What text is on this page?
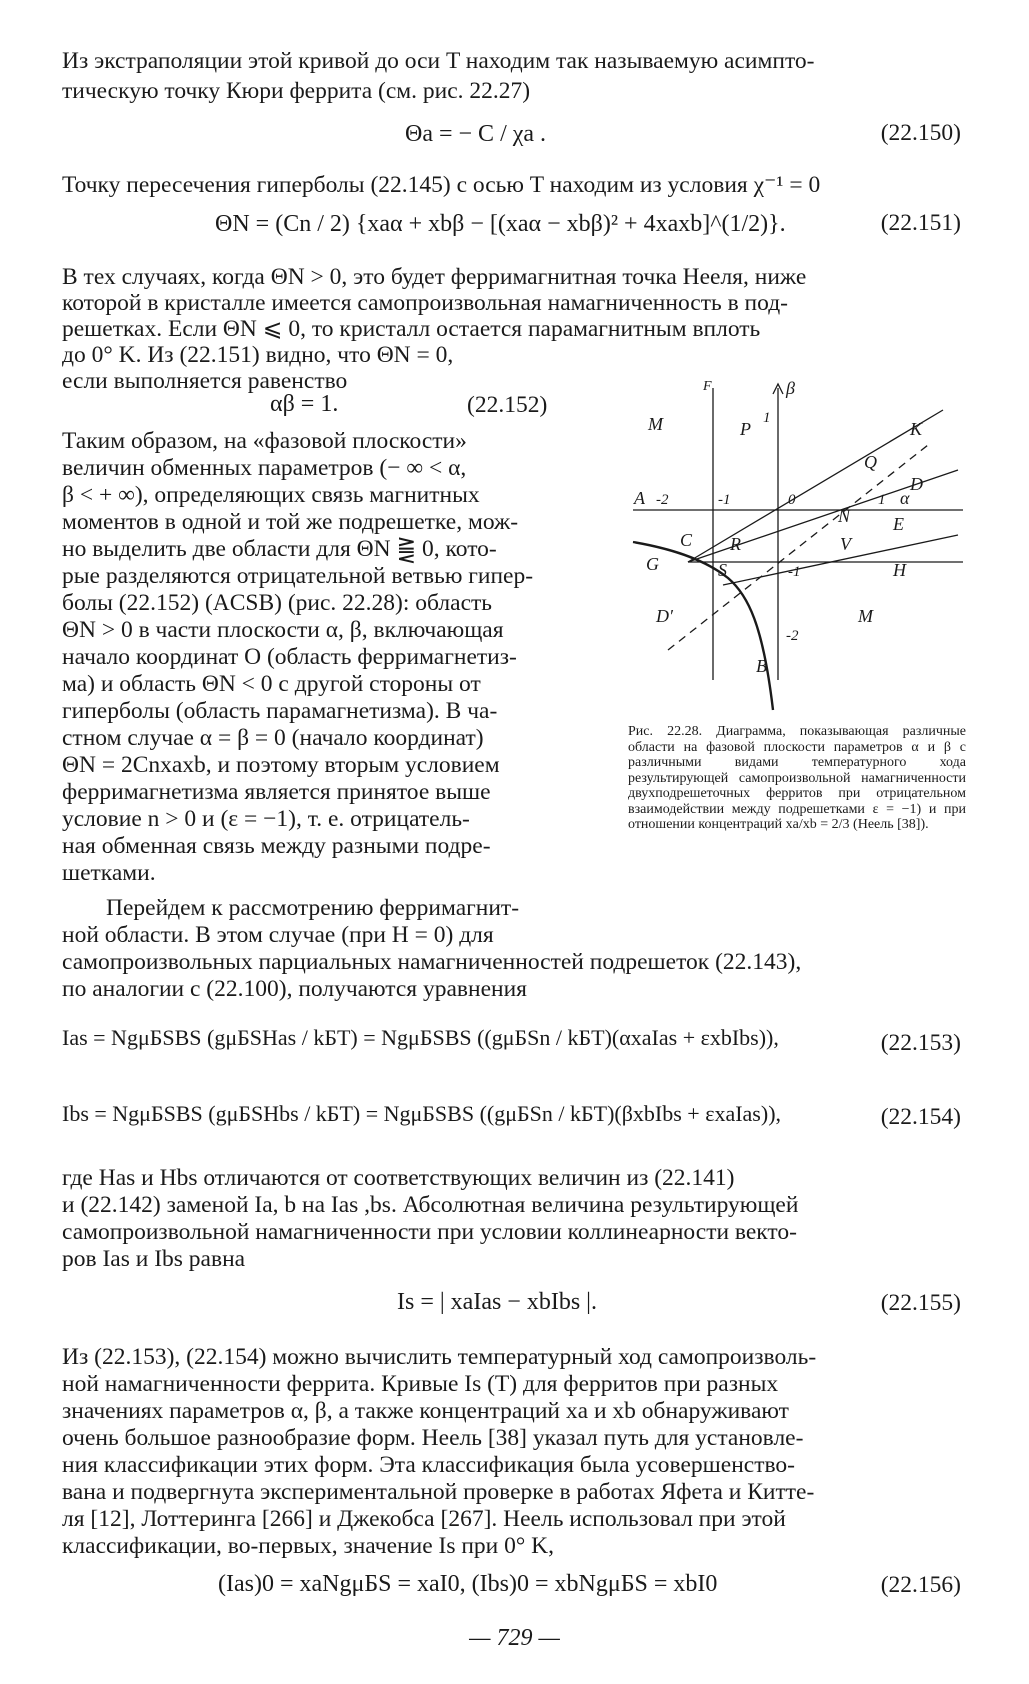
Из экстраполяции этой кривой до оси T находим так называемую асимпто-
тическую точку Кюри феррита (см. рис. 22.27)
Θa = − C / χa .	(22.150)
Точку пересечения гиперболы (22.145) с осью T находим из условия χ⁻¹ = 0
ΘN = (Cn / 2) {xaα + xbβ − [(xaα − xbβ)² + 4xaxb]^(1/2)}.	(22.151)
В тех случаях, когда ΘN > 0, это будет ферримагнитная точка Нееля, ниже
которой в кристалле имеется самопроизвольная намагниченность в под-
решетках. Если ΘN ⩽ 0, то кристалл остается парамагнитным вплоть
до 0° K. Из (22.151) видно, что ΘN = 0,
если выполняется равенство
αβ = 1.	(22.152)
Таким образом, на «фазовой плоскости»
величин обменных параметров (− ∞ < α,
β < + ∞), определяющих связь магнитных
моментов в одной и той же подрешетке, мож-
но выделить две области для ΘN ⪌ 0, кото-
рые разделяются отрицательной ветвью гипер-
болы (22.152) (ACSB) (рис. 22.28): область
ΘN > 0 в части плоскости α, β, включающая
начало координат O (область ферримагнетиз-
ма) и область ΘN < 0 с другой стороны от
гиперболы (область парамагнетизма). В ча-
стном случае α = β = 0 (начало координат)
ΘN = 2Cnxaxb, и поэтому вторым условием
ферримагнетизма является принятое выше
условие n > 0 и (ε = −1), т. е. отрицатель-
ная обменная связь между разными подре-
шетками.
Перейдем к рассмотрению ферримагнит-
ной области. В этом случае (при H = 0) для
самопроизвольных парциальных намагниченностей подрешеток (22.143),
по аналогии с (22.100), получаются уравнения
Ias = NgμБSBS (gμБSHas / kБT) = NgμБSBS ((gμБSn / kБT)(αxaIas + εxbIbs)),	(22.153)
Ibs = NgμБSBS (gμБSHbs / kБT) = NgμБSBS ((gμБSn / kБT)(βxbIbs + εxaIas)),	(22.154)
где Has и Hbs отличаются от соответствующих величин из (22.141)
и (22.142) заменой Ia, b на Ias ,bs. Абсолютная величина результирующей
самопроизвольной намагниченности при условии коллинеарности векто-
ров Ias и Ibs равна
Is = | xaIas − xbIbs |.	(22.155)
Из (22.153), (22.154) можно вычислить температурный ход самопроизволь-
ной намагниченности феррита. Кривые Is (T) для ферритов при разных
значениях параметров α, β, а также концентраций xa и xb обнаруживают
очень большое разнообразие форм. Неель [38] указал путь для установле-
ния классификации этих форм. Эта классификация была усовершенство-
вана и подвергнута экспериментальной проверке в работах Яфета и Китте-
ля [12], Лоттеринга [266] и Джекобса [267]. Неель использовал при этой
классификации, во-первых, значение Is при 0° K,
(Ias)0 = xaNgμБS = xaI0, (Ibs)0 = xbNgμБS = xbI0	(22.156)
— 729 —
M
F
P
β
1
K
Q
D
A -2	-1	0	1 α
N E
C R	V
G	S	-1	H
D′	M
-2
B
Рис. 22.28. Диаграмма, показывающая различные области на фазовой плоскости параметров α и β с различными видами температурного хода результирующей самопроизвольной намагниченности двухподрешеточных ферритов при отрицательном взаимодействии между подрешетками ε = −1) и при отношении концентраций xa/xb = 2/3 (Неель [38]).
